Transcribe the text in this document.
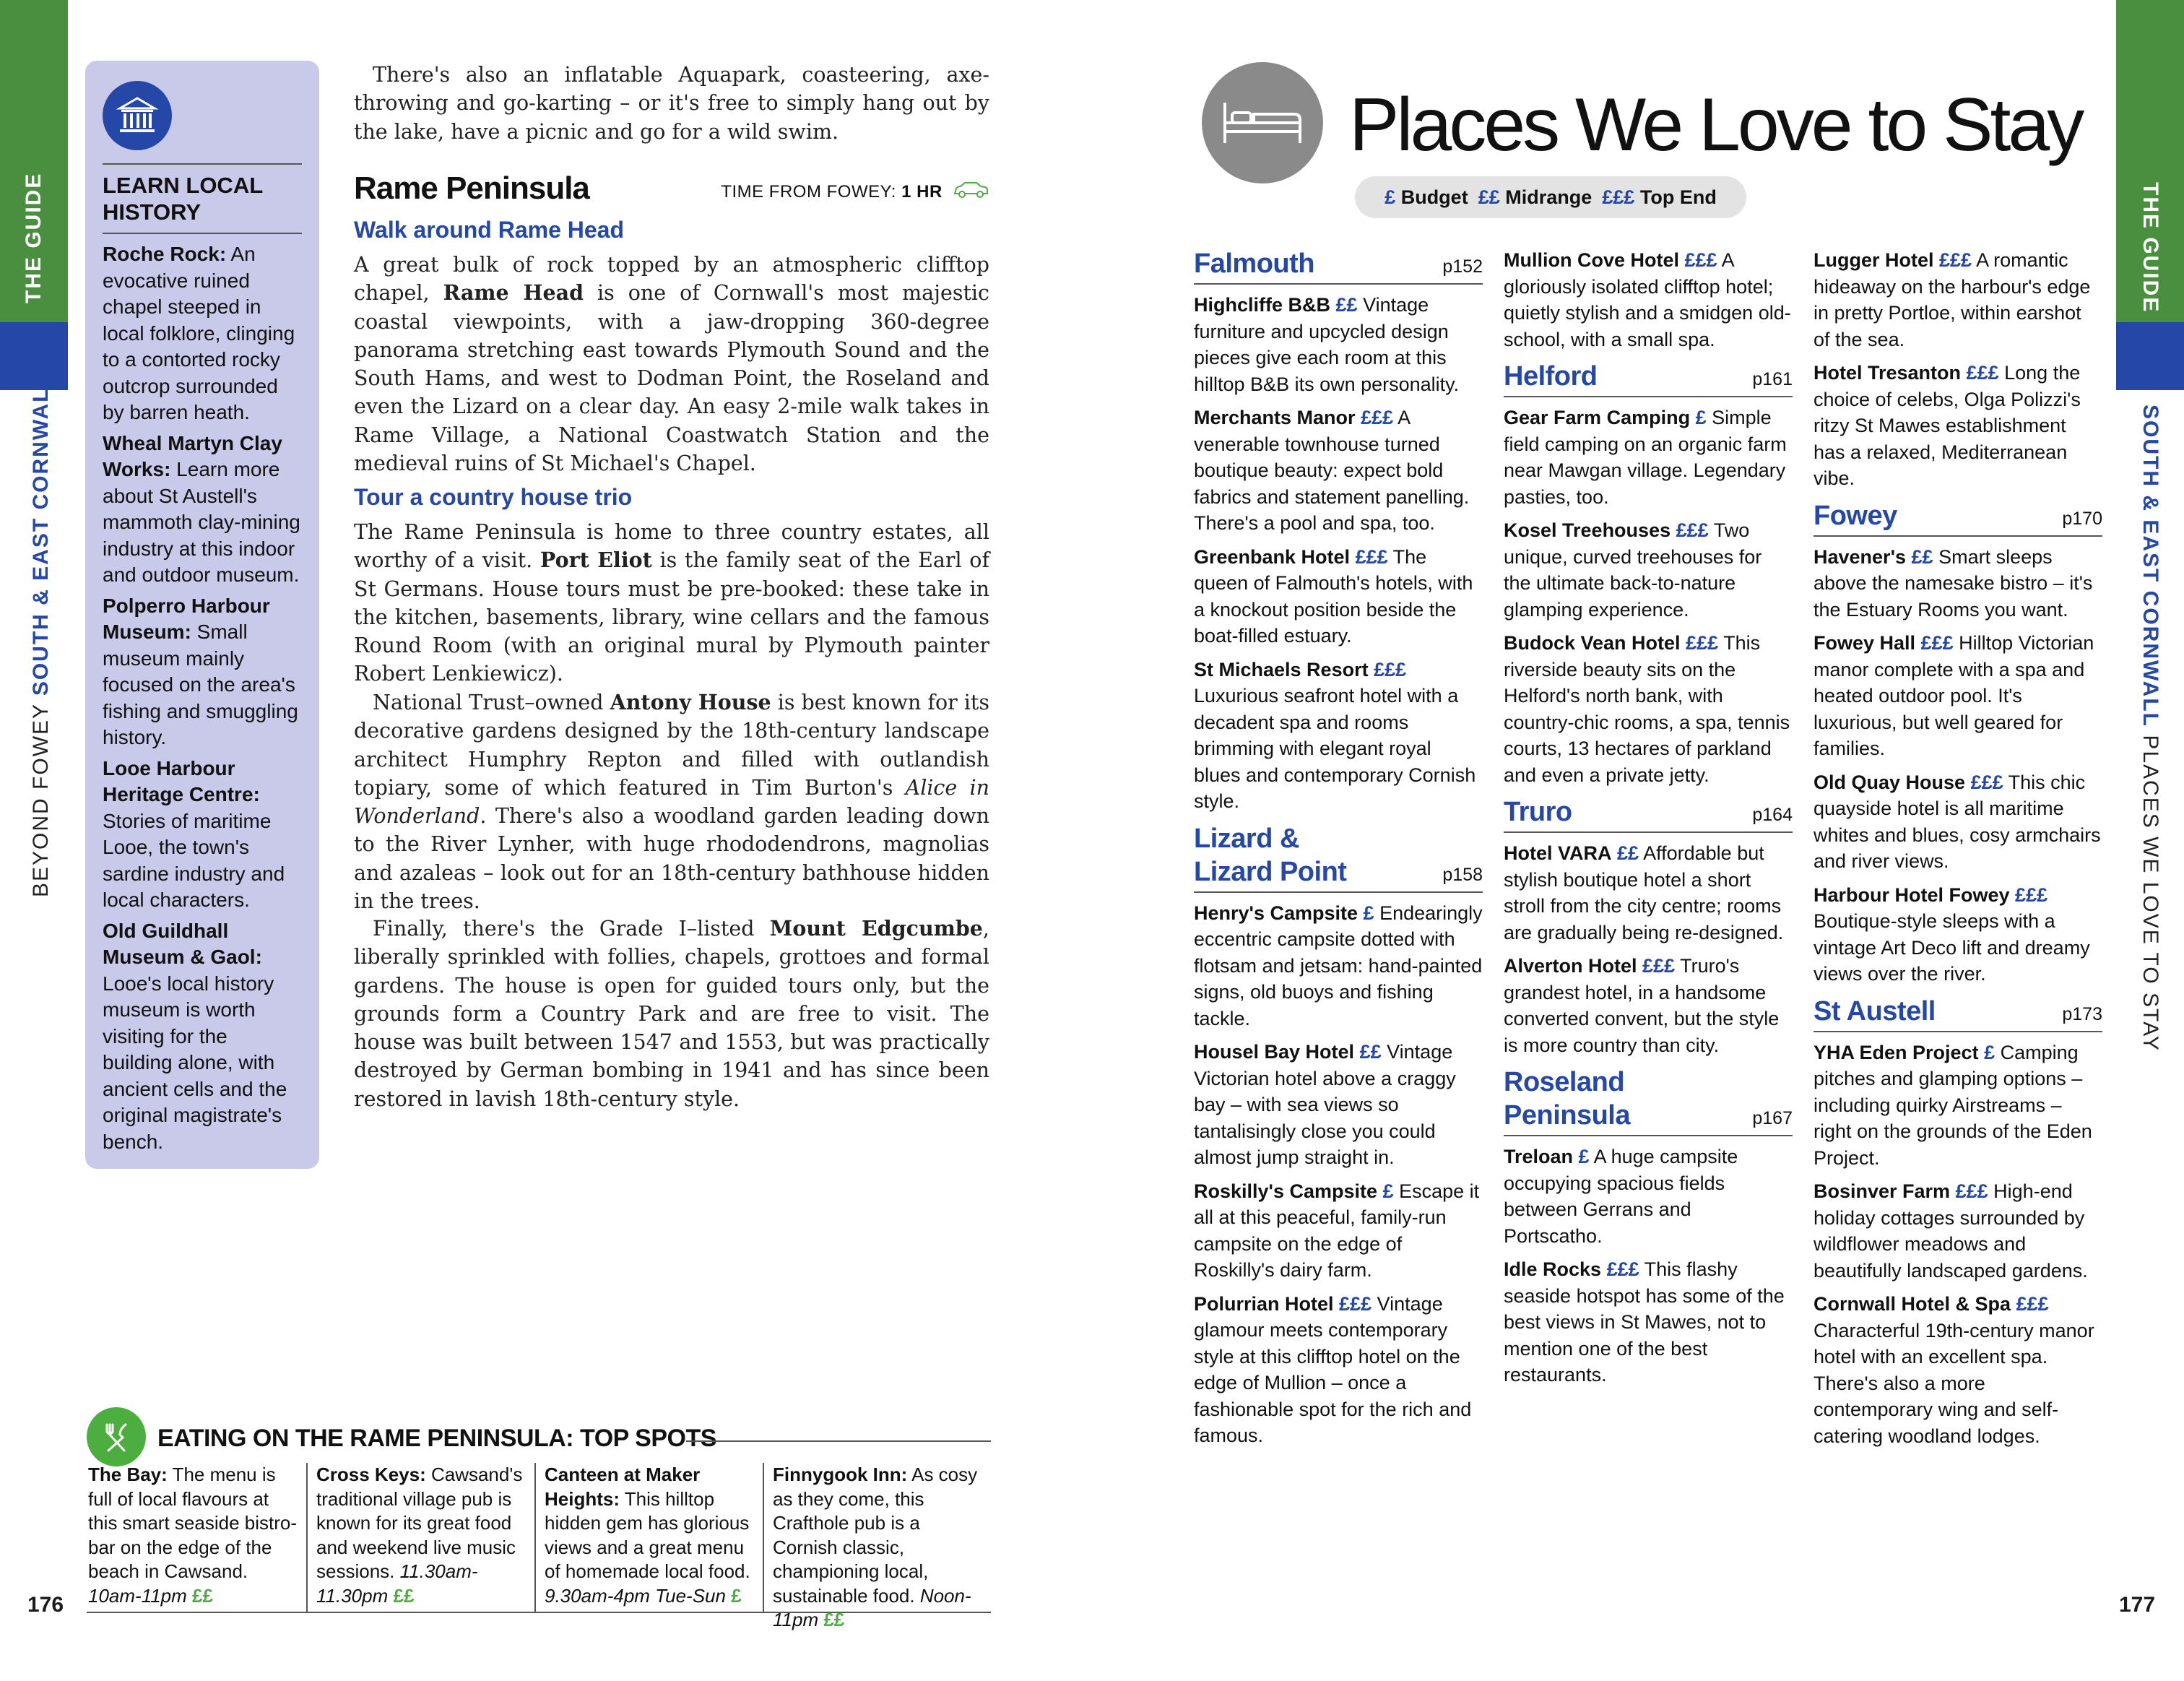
THE GUIDE
BEYOND FOWEY SOUTH & EAST CORNWALL
176
LEARN LOCAL HISTORY
Roche Rock: An evocative ruined chapel steeped in local folklore, clinging to a contorted rocky outcrop surrounded by barren heath.
Wheal Martyn Clay Works: Learn more about St Austell's mammoth clay-mining industry at this indoor and outdoor museum.
Polperro Harbour Museum: Small museum mainly focused on the area's fishing and smuggling history.
Looe Harbour Heritage Centre: Stories of maritime Looe, the town's sardine industry and local characters.
Old Guildhall Museum & Gaol: Looe's local history museum is worth visiting for the building alone, with ancient cells and the original magistrate's bench.
There's also an inflatable Aquapark, coasteering, axe-throwing and go-karting – or it's free to simply hang out by the lake, have a picnic and go for a wild swim.
Rame Peninsula	TIME FROM FOWEY: 1 HR
Walk around Rame Head
A great bulk of rock topped by an atmospheric clifftop chapel, Rame Head is one of Cornwall's most majestic coastal viewpoints, with a jaw-dropping 360-degree panorama stretching east towards Plymouth Sound and the South Hams, and west to Dodman Point, the Roseland and even the Lizard on a clear day. An easy 2-mile walk takes in Rame Village, a National Coastwatch Station and the medieval ruins of St Michael's Chapel.
Tour a country house trio
The Rame Peninsula is home to three country estates, all worthy of a visit. Port Eliot is the family seat of the Earl of St Germans. House tours must be pre-booked: these take in the kitchen, basements, library, wine cellars and the famous Round Room (with an original mural by Plymouth painter Robert Lenkiewicz).
National Trust–owned Antony House is best known for its decorative gardens designed by the 18th-century landscape architect Humphry Repton and filled with outlandish topiary, some of which featured in Tim Burton's Alice in Wonderland. There's also a woodland garden leading down to the River Lynher, with huge rhododendrons, magnolias and azaleas – look out for an 18th-century bathhouse hidden in the trees.
Finally, there's the Grade I–listed Mount Edgcumbe, liberally sprinkled with follies, chapels, grottoes and formal gardens. The house is open for guided tours only, but the grounds form a Country Park and are free to visit. The house was built between 1547 and 1553, but was practically destroyed by German bombing in 1941 and has since been restored in lavish 18th-century style.
EATING ON THE RAME PENINSULA: TOP SPOTS
The Bay: The menu is full of local flavours at this smart seaside bistro-bar on the edge of the beach in Cawsand. 10am-11pm ££
Cross Keys: Cawsand's traditional village pub is known for its great food and weekend live music sessions. 11.30am-11.30pm ££
Canteen at Maker Heights: This hilltop hidden gem has glorious views and a great menu of homemade local food. 9.30am-4pm Tue-Sun £
Finnygook Inn: As cosy as they come, this Crafthole pub is a Cornish classic, championing local, sustainable food. Noon-11pm ££
THE GUIDE
SOUTH & EAST CORNWALL PLACES WE LOVE TO STAY
177
Places We Love to Stay
£ Budget ££ Midrange £££ Top End
Falmouth	p152
Highcliffe B&B ££ Vintage furniture and upcycled design pieces give each room at this hilltop B&B its own personality.
Merchants Manor £££ A venerable townhouse turned boutique beauty: expect bold fabrics and statement panelling. There's a pool and spa, too.
Greenbank Hotel £££ The queen of Falmouth's hotels, with a knockout position beside the boat-filled estuary.
St Michaels Resort £££ Luxurious seafront hotel with a decadent spa and rooms brimming with elegant royal blues and contemporary Cornish style.
Lizard & Lizard Point	p158
Henry's Campsite £ Endearingly eccentric campsite dotted with flotsam and jetsam: hand-painted signs, old buoys and fishing tackle.
Housel Bay Hotel ££ Vintage Victorian hotel above a craggy bay – with sea views so tantalisingly close you could almost jump straight in.
Roskilly's Campsite £ Escape it all at this peaceful, family-run campsite on the edge of Roskilly's dairy farm.
Polurrian Hotel £££ Vintage glamour meets contemporary style at this clifftop hotel on the edge of Mullion – once a fashionable spot for the rich and famous.
Mullion Cove Hotel £££ A gloriously isolated clifftop hotel; quietly stylish and a smidgen old-school, with a small spa.
Helford	p161
Gear Farm Camping £ Simple field camping on an organic farm near Mawgan village. Legendary pasties, too.
Kosel Treehouses £££ Two unique, curved treehouses for the ultimate back-to-nature glamping experience.
Budock Vean Hotel £££ This riverside beauty sits on the Helford's north bank, with country-chic rooms, a spa, tennis courts, 13 hectares of parkland and even a private jetty.
Truro	p164
Hotel VARA ££ Affordable but stylish boutique hotel a short stroll from the city centre; rooms are gradually being re-designed.
Alverton Hotel £££ Truro's grandest hotel, in a handsome converted convent, but the style is more country than city.
Roseland Peninsula	p167
Treloan £ A huge campsite occupying spacious fields between Gerrans and Portscatho.
Idle Rocks £££ This flashy seaside hotspot has some of the best views in St Mawes, not to mention one of the best restaurants.
Lugger Hotel £££ A romantic hideaway on the harbour's edge in pretty Portloe, within earshot of the sea.
Hotel Tresanton £££ Long the choice of celebs, Olga Polizzi's ritzy St Mawes establishment has a relaxed, Mediterranean vibe.
Fowey	p170
Havener's ££ Smart sleeps above the namesake bistro – it's the Estuary Rooms you want.
Fowey Hall £££ Hilltop Victorian manor complete with a spa and heated outdoor pool. It's luxurious, but well geared for families.
Old Quay House £££ This chic quayside hotel is all maritime whites and blues, cosy armchairs and river views.
Harbour Hotel Fowey £££ Boutique-style sleeps with a vintage Art Deco lift and dreamy views over the river.
St Austell	p173
YHA Eden Project £ Camping pitches and glamping options – including quirky Airstreams – right on the grounds of the Eden Project.
Bosinver Farm £££ High-end holiday cottages surrounded by wildflower meadows and beautifully landscaped gardens.
Cornwall Hotel & Spa £££ Characterful 19th-century manor hotel with an excellent spa. There's also a more contemporary wing and self-catering woodland lodges.
